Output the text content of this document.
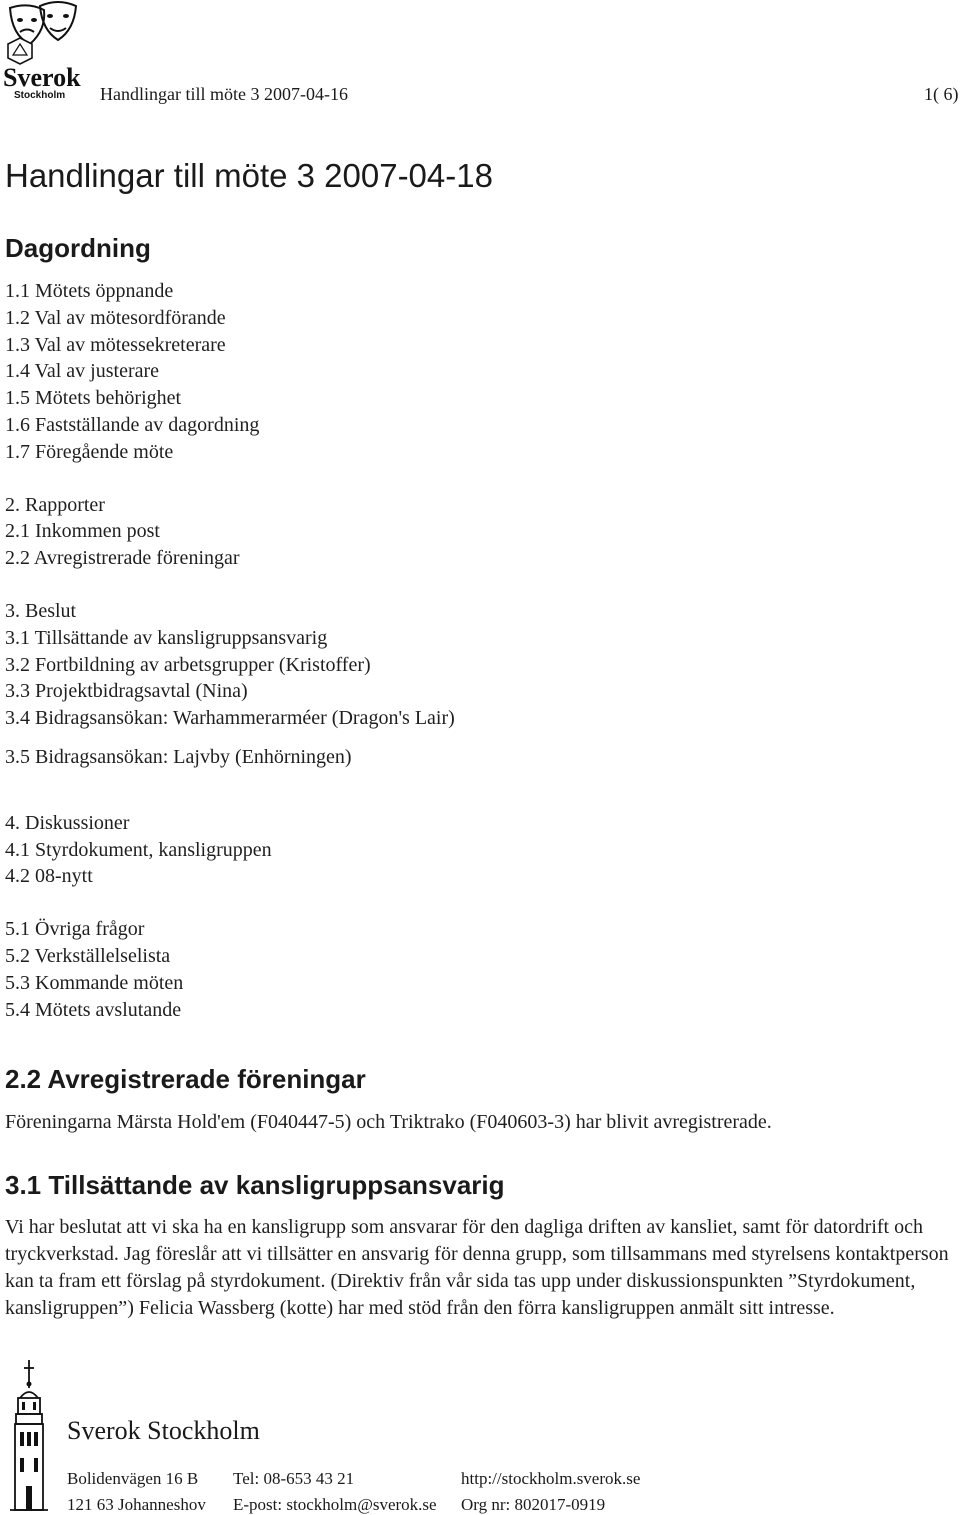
Sverok
Stockholm Handlingar till möte 3 2007-04-16	1( 6)
Handlingar till möte 3 2007-04-18
Dagordning
1.1 Mötets öppnande
1.2 Val av mötesordförande
1.3 Val av mötessekreterare
1.4 Val av justerare
1.5 Mötets behörighet
1.6 Fastställande av dagordning
1.7 Föregående möte
2. Rapporter
2.1 Inkommen post
2.2 Avregistrerade föreningar
3. Beslut
3.1 Tillsättande av kansligruppsansvarig
3.2 Fortbildning av arbetsgrupper (Kristoffer)
3.3 Projektbidragsavtal (Nina)
3.4 Bidragsansökan: Warhammerarméer (Dragon's Lair)
3.5 Bidragsansökan: Lajvby (Enhörningen)
4. Diskussioner
4.1 Styrdokument, kansligruppen
4.2 08-nytt
5.1 Övriga frågor
5.2 Verkställelselista
5.3 Kommande möten
5.4 Mötets avslutande
2.2 Avregistrerade föreningar
Föreningarna Märsta Hold'em (F040447-5) och Triktrako (F040603-3) har blivit avregistrerade.
3.1 Tillsättande av kansligruppsansvarig
Vi har beslutat att vi ska ha en kansligrupp som ansvarar för den dagliga driften av kansliet, samt för datordrift och tryckverkstad. Jag föreslår att vi tillsätter en ansvarig för denna grupp, som tillsammans med styrelsens kontaktperson kan ta fram ett förslag på styrdokument. (Direktiv från vår sida tas upp under diskussionspunkten ”Styrdokument, kansligruppen”) Felicia Wassberg (kotte) har med stöd från den förra kansligruppen anmält sitt intresse.
Sverok Stockholm
Bolidenvägen 16 B
121 63 Johanneshov
Tel: 08-653 43 21
E-post: stockholm@sverok.se
http://stockholm.sverok.se
Org nr: 802017-0919
